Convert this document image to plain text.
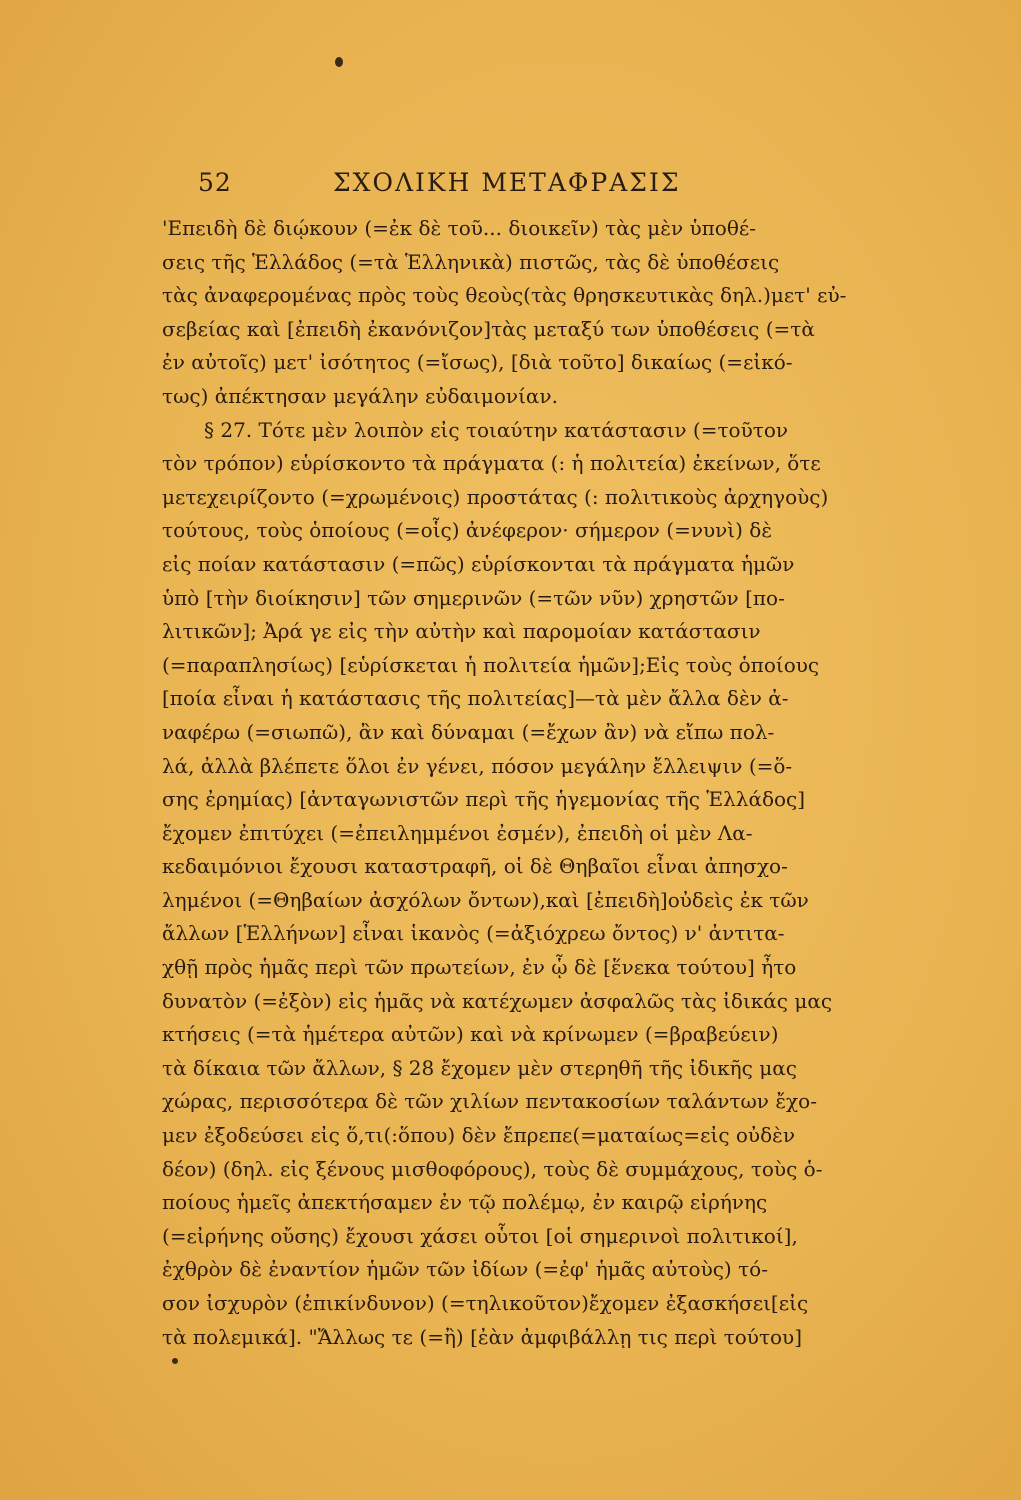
52	ΣΧΟΛΙΚΗ ΜΕΤΑΦΡΑΣΙΣ
'Επειδὴ δὲ διῴκουν (=ἐκ δὲ τοῦ... διοικεῖν) τὰς μὲν ὑποθέ-
σεις τῆς Ἑλλάδος (=τὰ Ἑλληνικὰ) πιστῶς, τὰς δὲ ὑποθέσεις
τὰς ἀναφερομένας πρὸς τοὺς θεοὺς(τὰς θρησκευτικὰς δηλ.)μετ' εὐ-
σεβείας καὶ [ἐπειδὴ ἐκανόνιζον]τὰς μεταξύ των ὑποθέσεις (=τὰ
ἐν αὐτοῖς) μετ' ἰσότητος (=ἴσως), [διὰ τοῦτο] δικαίως (=εἰκό-
τως) ἀπέκτησαν μεγάλην εὐδαιμονίαν.
§ 27. Τότε μὲν λοιπὸν εἰς τοιαύτην κατάστασιν (=τοῦτον
τὸν τρόπον) εὑρίσκοντο τὰ πράγματα (: ἡ πολιτεία) ἐκείνων, ὅτε
μετεχειρίζοντο (=χρωμένοις) προστάτας (: πολιτικοὺς ἀρχηγοὺς)
τούτους, τοὺς ὁποίους (=οἷς) ἀνέφερον· σήμερον (=νυνὶ) δὲ
εἰς ποίαν κατάστασιν (=πῶς) εὑρίσκονται τὰ πράγματα ἡμῶν
ὑπὸ [τὴν διοίκησιν] τῶν σημερινῶν (=τῶν νῦν) χρηστῶν [πο-
λιτικῶν]; Ἀρά γε εἰς τὴν αὐτὴν καὶ παρομοίαν κατάστασιν
(=παραπλησίως) [εὑρίσκεται ἡ πολιτεία ἡμῶν];Εἰς τοὺς ὁποίους
[ποία εἶναι ἡ κατάστασις τῆς πολιτείας]—τὰ μὲν ἄλλα δὲν ἀ-
ναφέρω (=σιωπῶ), ἂν καὶ δύναμαι (=ἔχων ἂν) νὰ εἴπω πολ-
λά, ἀλλὰ βλέπετε ὅλοι ἐν γένει, πόσον μεγάλην ἔλλειψιν (=ὅ-
σης ἐρημίας) [ἀνταγωνιστῶν περὶ τῆς ἡγεμονίας τῆς Ἑλλάδος]
ἔχομεν ἐπιτύχει (=ἐπειλημμένοι ἐσμέν), ἐπειδὴ οἱ μὲν Λα-
κεδαιμόνιοι ἔχουσι καταστραφῆ, οἱ δὲ Θηβαῖοι εἶναι ἀπησχο-
λημένοι (=Θηβαίων ἀσχόλων ὄντων),καὶ [ἐπειδὴ]οὐδεὶς ἐκ τῶν
ἄλλων [Ἑλλήνων] εἶναι ἱκανὸς (=ἀξιόχρεω ὄντος) ν' ἀντιτα-
χθῇ πρὸς ἡμᾶς περὶ τῶν πρωτείων, ἐν ᾧ δὲ [ἕνεκα τούτου] ἦτο
δυνατὸν (=ἐξὸν) εἰς ἡμᾶς νὰ κατέχωμεν ἀσφαλῶς τὰς ἰδικάς μας
κτήσεις (=τὰ ἡμέτερα αὐτῶν) καὶ νὰ κρίνωμεν (=βραβεύειν)
τὰ δίκαια τῶν ἄλλων, § 28 ἔχομεν μὲν στερηθῆ τῆς ἰδικῆς μας
χώρας, περισσότερα δὲ τῶν χιλίων πεντακοσίων ταλάντων ἔχο-
μεν ἐξοδεύσει εἰς ὅ,τι(:ὅπου) δὲν ἔπρεπε(=ματαίως=εἰς οὐδὲν
δέον) (δηλ. εἰς ξένους μισθοφόρους), τοὺς δὲ συμμάχους, τοὺς ὁ-
ποίους ἡμεῖς ἀπεκτήσαμεν ἐν τῷ πολέμῳ, ἐν καιρῷ εἰρήνης
(=εἰρήνης οὔσης) ἔχουσι χάσει οὗτοι [οἱ σημερινοὶ πολιτικοί],
ἐχθρὸν δὲ ἐναντίον ἡμῶν τῶν ἰδίων (=ἐφ' ἡμᾶς αὐτοὺς) τό-
σον ἰσχυρὸν (ἐπικίνδυνον) (=τηλικοῦτον)ἔχομεν ἐξασκήσει[εἰς
τὰ πολεμικά]. "Ἄλλως τε (=ἢ) [ἐὰν ἀμφιβάλλῃ τις περὶ τούτου]
